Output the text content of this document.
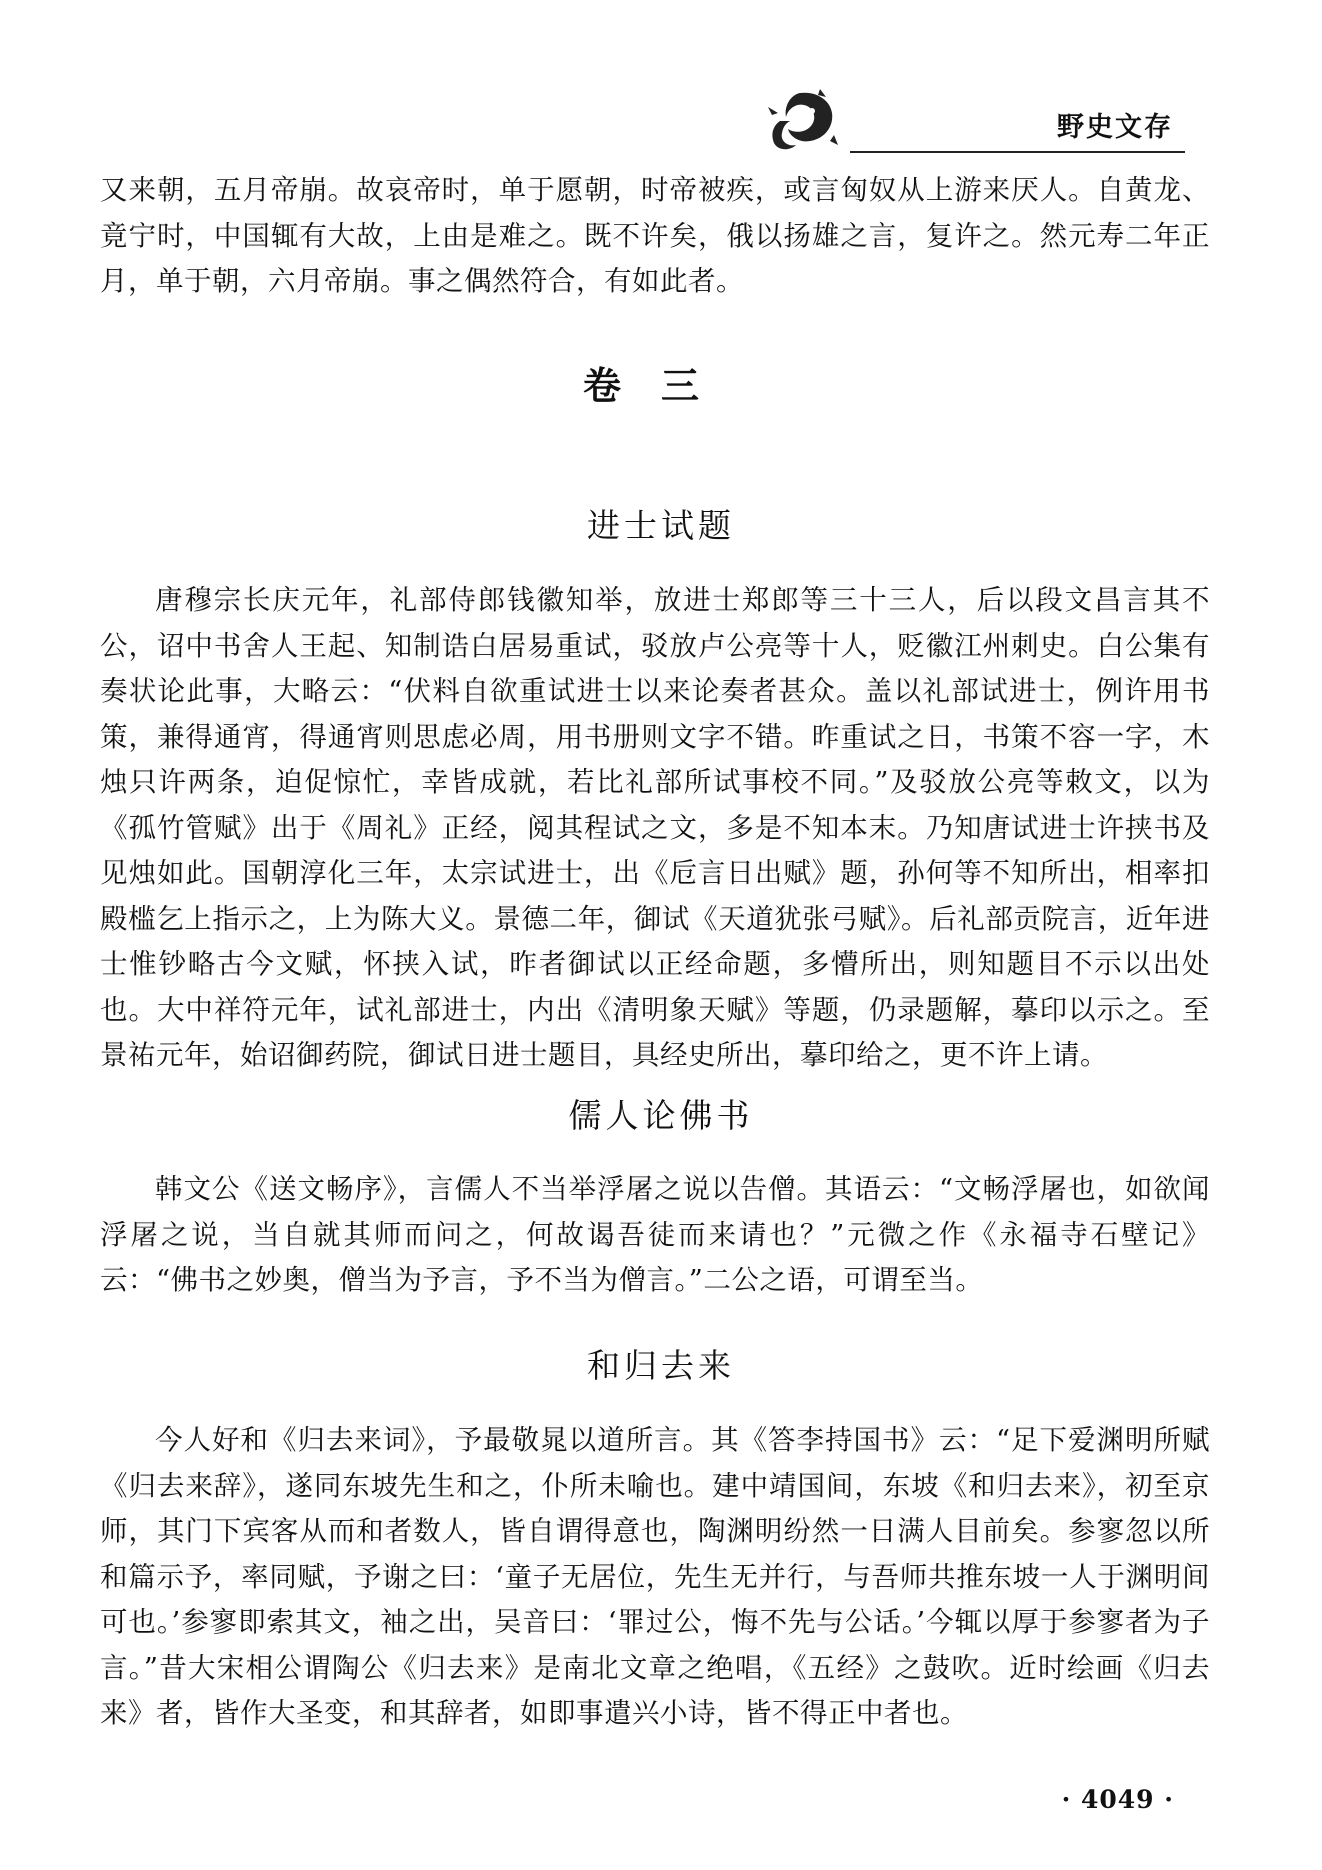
野史文存

又来朝，五月帝崩。故哀帝时，单于愿朝，时帝被疾，或言匈奴从上游来厌人。自黄龙、竟宁时，中国辄有大故，上由是难之。既不许矣，俄以扬雄之言，复许之。然元寿二年正月，单于朝，六月帝崩。事之偶然符合，有如此者。

卷三
进士试题

唐穆宗长庆元年，礼部侍郎钱徽知举，放进士郑郎等三十三人，后以段文昌言其不公，诏中书舍人王起、知制诰白居易重试，驳放卢公亮等十人，贬徽江州刺史。白公集有奏状论此事，大略云：“伏料自欲重试进士以来论奏者甚众。盖以礼部试进士，例许用书策，兼得通宵，得通宵则思虑必周，用书册则文字不错。昨重试之日，书策不容一字，木烛只许两条，迫促惊忙，幸皆成就，若比礼部所试事校不同。”及驳放公亮等敕文，以为《孤竹管赋》出于《周礼》正经，阅其程试之文，多是不知本末。乃知唐试进士许挟书及见烛如此。国朝淳化三年，太宗试进士，出《卮言日出赋》题，孙何等不知所出，相率扣殿槛乞上指示之，上为陈大义。景德二年，御试《天道犹张弓赋》。后礼部贡院言，近年进士惟钞略古今文赋，怀挟入试，昨者御试以正经命题，多懵所出，则知题目不示以出处也。大中祥符元年，试礼部进士，内出《清明象天赋》等题，仍录题解，摹印以示之。至景祐元年，始诏御药院，御试日进士题目，具经史所出，摹印给之，更不许上请。

儒人论佛书

韩文公《送文畅序》，言儒人不当举浮屠之说以告僧。其语云：“文畅浮屠也，如欲闻浮屠之说，当自就其师而问之，何故谒吾徒而来请也？”元微之作《永福寺石壁记》云：“佛书之妙奥，僧当为予言，予不当为僧言。”二公之语，可谓至当。

和归去来

今人好和《归去来词》，予最敬晁以道所言。其《答李持国书》云：“足下爱渊明所赋《归去来辞》，遂同东坡先生和之，仆所未喻也。建中靖国间，东坡《和归去来》，初至京师，其门下宾客从而和者数人，皆自谓得意也，陶渊明纷然一日满人目前矣。参寥忽以所和篇示予，率同赋，予谢之曰：‘童子无居位，先生无并行，与吾师共推东坡一人于渊明间可也。’参寥即索其文，袖之出，吴音曰：‘罪过公，悔不先与公话。’今辄以厚于参寥者为子言。”昔大宋相公谓陶公《归去来》是南北文章之绝唱，《五经》之鼓吹。近时绘画《归去来》者，皆作大圣变，和其辞者，如即事遣兴小诗，皆不得正中者也。

· 4049 ·
